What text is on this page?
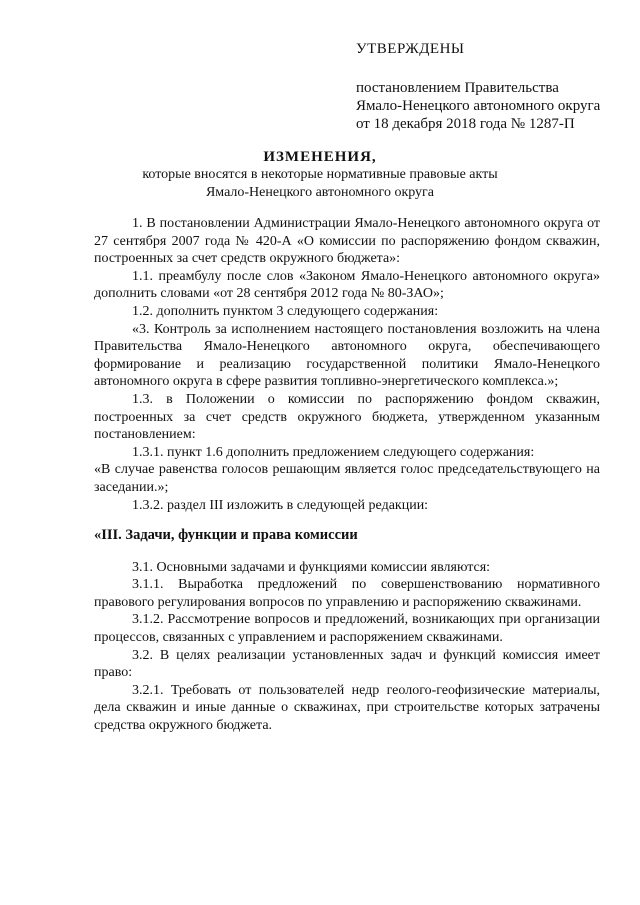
УТВЕРЖДЕНЫ
постановлением Правительства
Ямало-Ненецкого автономного округа
от 18 декабря 2018 года № 1287-П
ИЗМЕНЕНИЯ,
которые вносятся в некоторые нормативные правовые акты
Ямало-Ненецкого автономного округа

1. В постановлении Администрации Ямало-Ненецкого автономного округа от 27 сентября 2007 года № 420-А «О комиссии по распоряжению фондом скважин, построенных за счет средств окружного бюджета»:

1.1. преамбулу после слов «Законом Ямало-Ненецкого автономного округа» дополнить словами «от 28 сентября 2012 года № 80-ЗАО»;

1.2. дополнить пунктом 3 следующего содержания:

«3. Контроль за исполнением настоящего постановления возложить на члена Правительства Ямало-Ненецкого автономного округа, обеспечивающего формирование и реализацию государственной политики Ямало-Ненецкого автономного округа в сфере развития топливно-энергетического комплекса.»;

1.3. в Положении о комиссии по распоряжению фондом скважин, построенных за счет средств окружного бюджета, утвержденном указанным постановлением:

1.3.1. пункт 1.6 дополнить предложением следующего содержания:

«В случае равенства голосов решающим является голос председательствующего на заседании.»;

1.3.2. раздел III изложить в следующей редакции:

«III. Задачи, функции и права комиссии

3.1. Основными задачами и функциями комиссии являются:

3.1.1. Выработка предложений по совершенствованию нормативного правового регулирования вопросов по управлению и распоряжению скважинами.

3.1.2. Рассмотрение вопросов и предложений, возникающих при организации процессов, связанных с управлением и распоряжением скважинами.

3.2. В целях реализации установленных задач и функций комиссия имеет право:

3.2.1. Требовать от пользователей недр геолого-геофизические материалы, дела скважин и иные данные о скважинах, при строительстве которых затрачены средства окружного бюджета.
